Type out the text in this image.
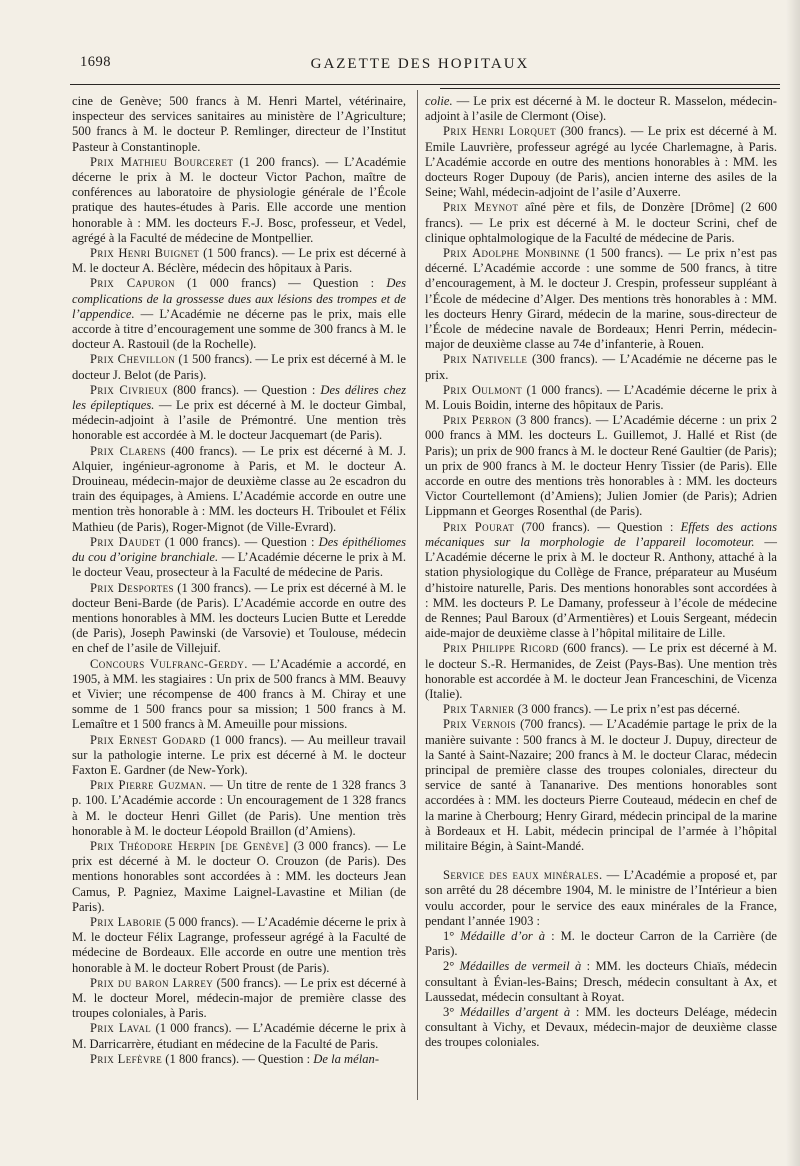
1698	GAZETTE DES HOPITAUX

cine de Genève; 500 francs à M. Henri Martel, vétérinaire, inspecteur des services sanitaires au ministère de l’Agriculture; 500 francs à M. le docteur P. Remlinger, directeur de l’Institut Pasteur à Constantinople.

Prix Mathieu Bourceret (1 200 francs). — L’Académie décerne le prix à M. le docteur Victor Pachon, maître de conférences au laboratoire de physiologie générale de l’École pratique des hautes-études à Paris. Elle accorde une mention honorable à : MM. les docteurs F.-J. Bosc, professeur, et Vedel, agrégé à la Faculté de médecine de Montpellier.

Prix Henri Buignet (1 500 francs). — Le prix est décerné à M. le docteur A. Béclère, médecin des hôpitaux à Paris.

Prix Capuron (1 000 francs) — Question : Des complications de la grossesse dues aux lésions des trompes et de l’appendice. — L’Académie ne décerne pas le prix, mais elle accorde à titre d’encouragement une somme de 300 francs à M. le docteur A. Rastouil (de la Rochelle).

Prix Chevillon (1 500 francs). — Le prix est décerné à M. le docteur J. Belot (de Paris).

Prix Civrieux (800 francs). — Question : Des délires chez les épileptiques. — Le prix est décerné à M. le docteur Gimbal, médecin-adjoint à l’asile de Prémontré. Une mention très honorable est accordée à M. le docteur Jacquemart (de Paris).

Prix Clarens (400 francs). — Le prix est décerné à M. J. Alquier, ingénieur-agronome à Paris, et M. le docteur A. Drouineau, médecin-major de deuxième classe au 2e escadron du train des équipages, à Amiens. L’Académie accorde en outre une mention très honorable à : MM. les docteurs H. Triboulet et Félix Mathieu (de Paris), Roger-Mignot (de Ville-Evrard).

Prix Daudet (1 000 francs). — Question : Des épithéliomes du cou d’origine branchiale. — L’Académie décerne le prix à M. le docteur Veau, prosecteur à la Faculté de médecine de Paris.

Prix Desportes (1 300 francs). — Le prix est décerné à M. le docteur Beni-Barde (de Paris). L’Académie accorde en outre des mentions honorables à MM. les docteurs Lucien Butte et Leredde (de Paris), Joseph Pawinski (de Varsovie) et Toulouse, médecin en chef de l’asile de Villejuif.

Concours Vulfranc-Gerdy. — L’Académie a accordé, en 1905, à MM. les stagiaires : Un prix de 500 francs à MM. Beauvy et Vivier; une récompense de 400 francs à M. Chiray et une somme de 1 500 francs pour sa mission; 1 500 francs à M. Lemaître et 1 500 francs à M. Ameuille pour missions.

Prix Ernest Godard (1 000 francs). — Au meilleur travail sur la pathologie interne. Le prix est décerné à M. le docteur Faxton E. Gardner (de New-York).

Prix Pierre Guzman. — Un titre de rente de 1 328 francs 3 p. 100. L’Académie accorde : Un encouragement de 1 328 francs à M. le docteur Henri Gillet (de Paris). Une mention très honorable à M. le docteur Léopold Braillon (d’Amiens).

Prix Théodore Herpin [de Genève] (3 000 francs). — Le prix est décerné à M. le docteur O. Crouzon (de Paris). Des mentions honorables sont accordées à : MM. les docteurs Jean Camus, P. Pagniez, Maxime Laignel-Lavastine et Milian (de Paris).

Prix Laborie (5 000 francs). — L’Académie décerne le prix à M. le docteur Félix Lagrange, professeur agrégé à la Faculté de médecine de Bordeaux. Elle accorde en outre une mention très honorable à M. le docteur Robert Proust (de Paris).

Prix du baron Larrey (500 francs). — Le prix est décerné à M. le docteur Morel, médecin-major de première classe des troupes coloniales, à Paris.

Prix Laval (1 000 francs). — L’Académie décerne le prix à M. Darricarrère, étudiant en médecine de la Faculté de Paris.

Prix Lefèvre (1 800 francs). — Question : De la mélan-

colie. — Le prix est décerné à M. le docteur R. Masselon, médecin-adjoint à l’asile de Clermont (Oise).

Prix Henri Lorquet (300 francs). — Le prix est décerné à M. Emile Lauvrière, professeur agrégé au lycée Charlemagne, à Paris. L’Académie accorde en outre des mentions honorables à : MM. les docteurs Roger Dupouy (de Paris), ancien interne des asiles de la Seine; Wahl, médecin-adjoint de l’asile d’Auxerre.

Prix Meynot aîné père et fils, de Donzère [Drôme] (2 600 francs). — Le prix est décerné à M. le docteur Scrini, chef de clinique ophtalmologique de la Faculté de médecine de Paris.

Prix Adolphe Monbinne (1 500 francs). — Le prix n’est pas décerné. L’Académie accorde : une somme de 500 francs, à titre d’encouragement, à M. le docteur J. Crespin, professeur suppléant à l’École de médecine d’Alger. Des mentions très honorables à : MM. les docteurs Henry Girard, médecin de la marine, sous-directeur de l’École de médecine navale de Bordeaux; Henri Perrin, médecin-major de deuxième classe au 74e d’infanterie, à Rouen.

Prix Nativelle (300 francs). — L’Académie ne décerne pas le prix.

Prix Oulmont (1 000 francs). — L’Académie décerne le prix à M. Louis Boidin, interne des hôpitaux de Paris.

Prix Perron (3 800 francs). — L’Académie décerne : un prix 2 000 francs à MM. les docteurs L. Guillemot, J. Hallé et Rist (de Paris); un prix de 900 francs à M. le docteur René Gaultier (de Paris); un prix de 900 francs à M. le docteur Henry Tissier (de Paris). Elle accorde en outre des mentions très honorables à : MM. les docteurs Victor Courtellemont (d’Amiens); Julien Jomier (de Paris); Adrien Lippmann et Georges Rosenthal (de Paris).

Prix Pourat (700 francs). — Question : Effets des actions mécaniques sur la morphologie de l’appareil locomoteur. — L’Académie décerne le prix à M. le docteur R. Anthony, attaché à la station physiologique du Collège de France, préparateur au Muséum d’histoire naturelle, Paris. Des mentions honorables sont accordées à : MM. les docteurs P. Le Damany, professeur à l’école de médecine de Rennes; Paul Baroux (d’Armentières) et Louis Sergeant, médecin aide-major de deuxième classe à l’hôpital militaire de Lille.

Prix Philippe Ricord (600 francs). — Le prix est décerné à M. le docteur S.-R. Hermanides, de Zeist (Pays-Bas). Une mention très honorable est accordée à M. le docteur Jean Franceschini, de Vicenza (Italie).

Prix Tarnier (3 000 francs). — Le prix n’est pas décerné.

Prix Vernois (700 francs). — L’Académie partage le prix de la manière suivante : 500 francs à M. le docteur J. Dupuy, directeur de la Santé à Saint-Nazaire; 200 francs à M. le docteur Clarac, médecin principal de première classe des troupes coloniales, directeur du service de santé à Tananarive. Des mentions honorables sont accordées à : MM. les docteurs Pierre Couteaud, médecin en chef de la marine à Cherbourg; Henry Girard, médecin principal de la marine à Bordeaux et H. Labit, médecin principal de l’armée à l’hôpital militaire Bégin, à Saint-Mandé.

Service des eaux minérales. — L’Académie a proposé et, par son arrêté du 28 décembre 1904, M. le ministre de l’Intérieur a bien voulu accorder, pour le service des eaux minérales de la France, pendant l’année 1903 :

1° Médaille d’or à : M. le docteur Carron de la Carrière (de Paris).

2° Médailles de vermeil à : MM. les docteurs Chiaïs, médecin consultant à Évian-les-Bains; Dresch, médecin consultant à Ax, et Laussedat, médecin consultant à Royat.

3° Médailles d’argent à : MM. les docteurs Deléage, médecin consultant à Vichy, et Devaux, médecin-major de deuxième classe des troupes coloniales.
